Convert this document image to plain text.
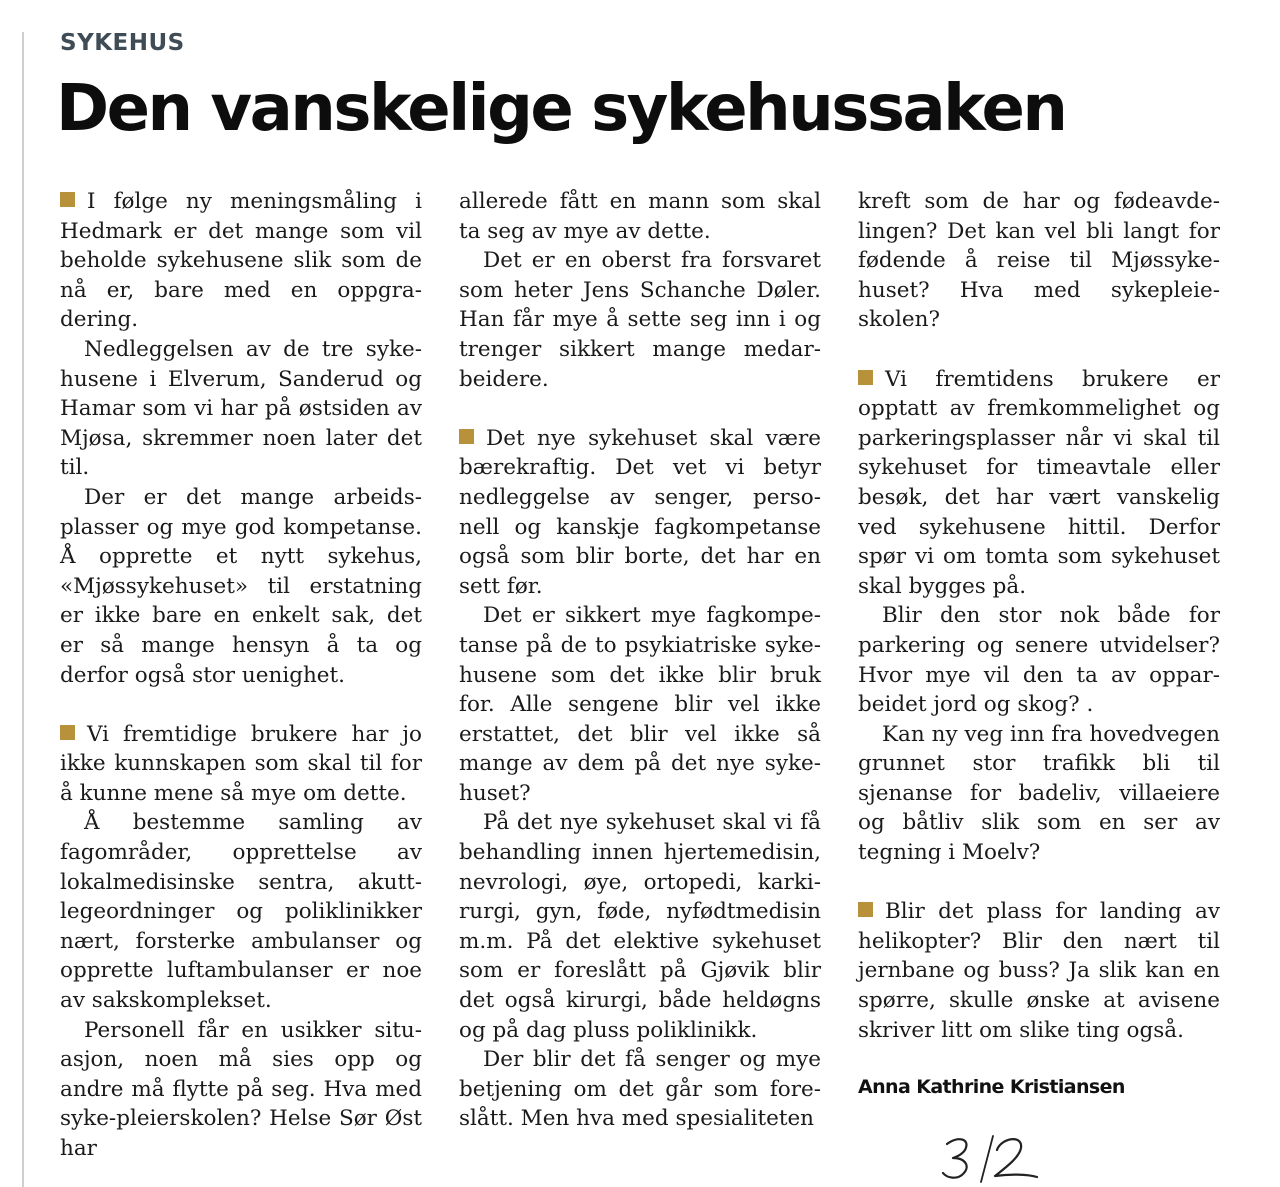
SYKEHUS
Den vanskelige sykehussaken

I følge ny meningsmåling i Hedmark er det mange som vil beholde sykehusene slik som de nå er, bare med en oppgra-dering.

Nedleggelsen av de tre syke-husene i Elverum, Sanderud og Hamar som vi har på østsiden av Mjøsa, skremmer noen later det til.

Der er det mange arbeids-plasser og mye god kompetanse. Å opprette et nytt sykehus, «Mjøssykehuset» til erstatning er ikke bare en enkelt sak, det er så mange hensyn å ta og derfor også stor uenighet.

Vi fremtidige brukere har jo ikke kunnskapen som skal til for å kunne mene så mye om dette.

Å bestemme samling av fagområder, opprettelse av lokalmedisinske sentra, akutt-legeordninger og poliklinikker nært, forsterke ambulanser og opprette luftambulanser er noe av sakskomplekset.

Personell får en usikker situ-asjon, noen må sies opp og andre må flytte på seg. Hva med syke-pleierskolen? Helse Sør Øst har

allerede fått en mann som skal ta seg av mye av dette.

Det er en oberst fra forsvaret som heter Jens Schanche Døler. Han får mye å sette seg inn i og trenger sikkert mange medar-beidere.

Det nye sykehuset skal være bærekraftig. Det vet vi betyr nedleggelse av senger, perso-nell og kanskje fagkompetanse også som blir borte, det har en sett før.

Det er sikkert mye fagkompe-tanse på de to psykiatriske syke-husene som det ikke blir bruk for. Alle sengene blir vel ikke erstattet, det blir vel ikke så mange av dem på det nye syke-huset?

På det nye sykehuset skal vi få behandling innen hjertemedisin, nevrologi, øye, ortopedi, karki-rurgi, gyn, føde, nyfødtmedisin m.m. På det elektive sykehuset som er foreslått på Gjøvik blir det også kirurgi, både heldøgns og på dag pluss poliklinikk.

Der blir det få senger og mye betjening om det går som fore-slått. Men hva med spesialiteten

kreft som de har og fødeavde-lingen? Det kan vel bli langt for fødende å reise til Mjøssyke-huset? Hva med sykepleie-skolen?

Vi fremtidens brukere er opptatt av fremkommelighet og parkeringsplasser når vi skal til sykehuset for timeavtale eller besøk, det har vært vanskelig ved sykehusene hittil. Derfor spør vi om tomta som sykehuset skal bygges på.

Blir den stor nok både for parkering og senere utvidelser? Hvor mye vil den ta av oppar-beidet jord og skog? .

Kan ny veg inn fra hovedvegen grunnet stor trafikk bli til sjenanse for badeliv, villaeiere og båtliv slik som en ser av tegning i Moelv?

Blir det plass for landing av helikopter? Blir den nært til jernbane og buss? Ja slik kan en spørre, skulle ønske at avisene skriver litt om slike ting også.

Anna Kathrine Kristiansen
